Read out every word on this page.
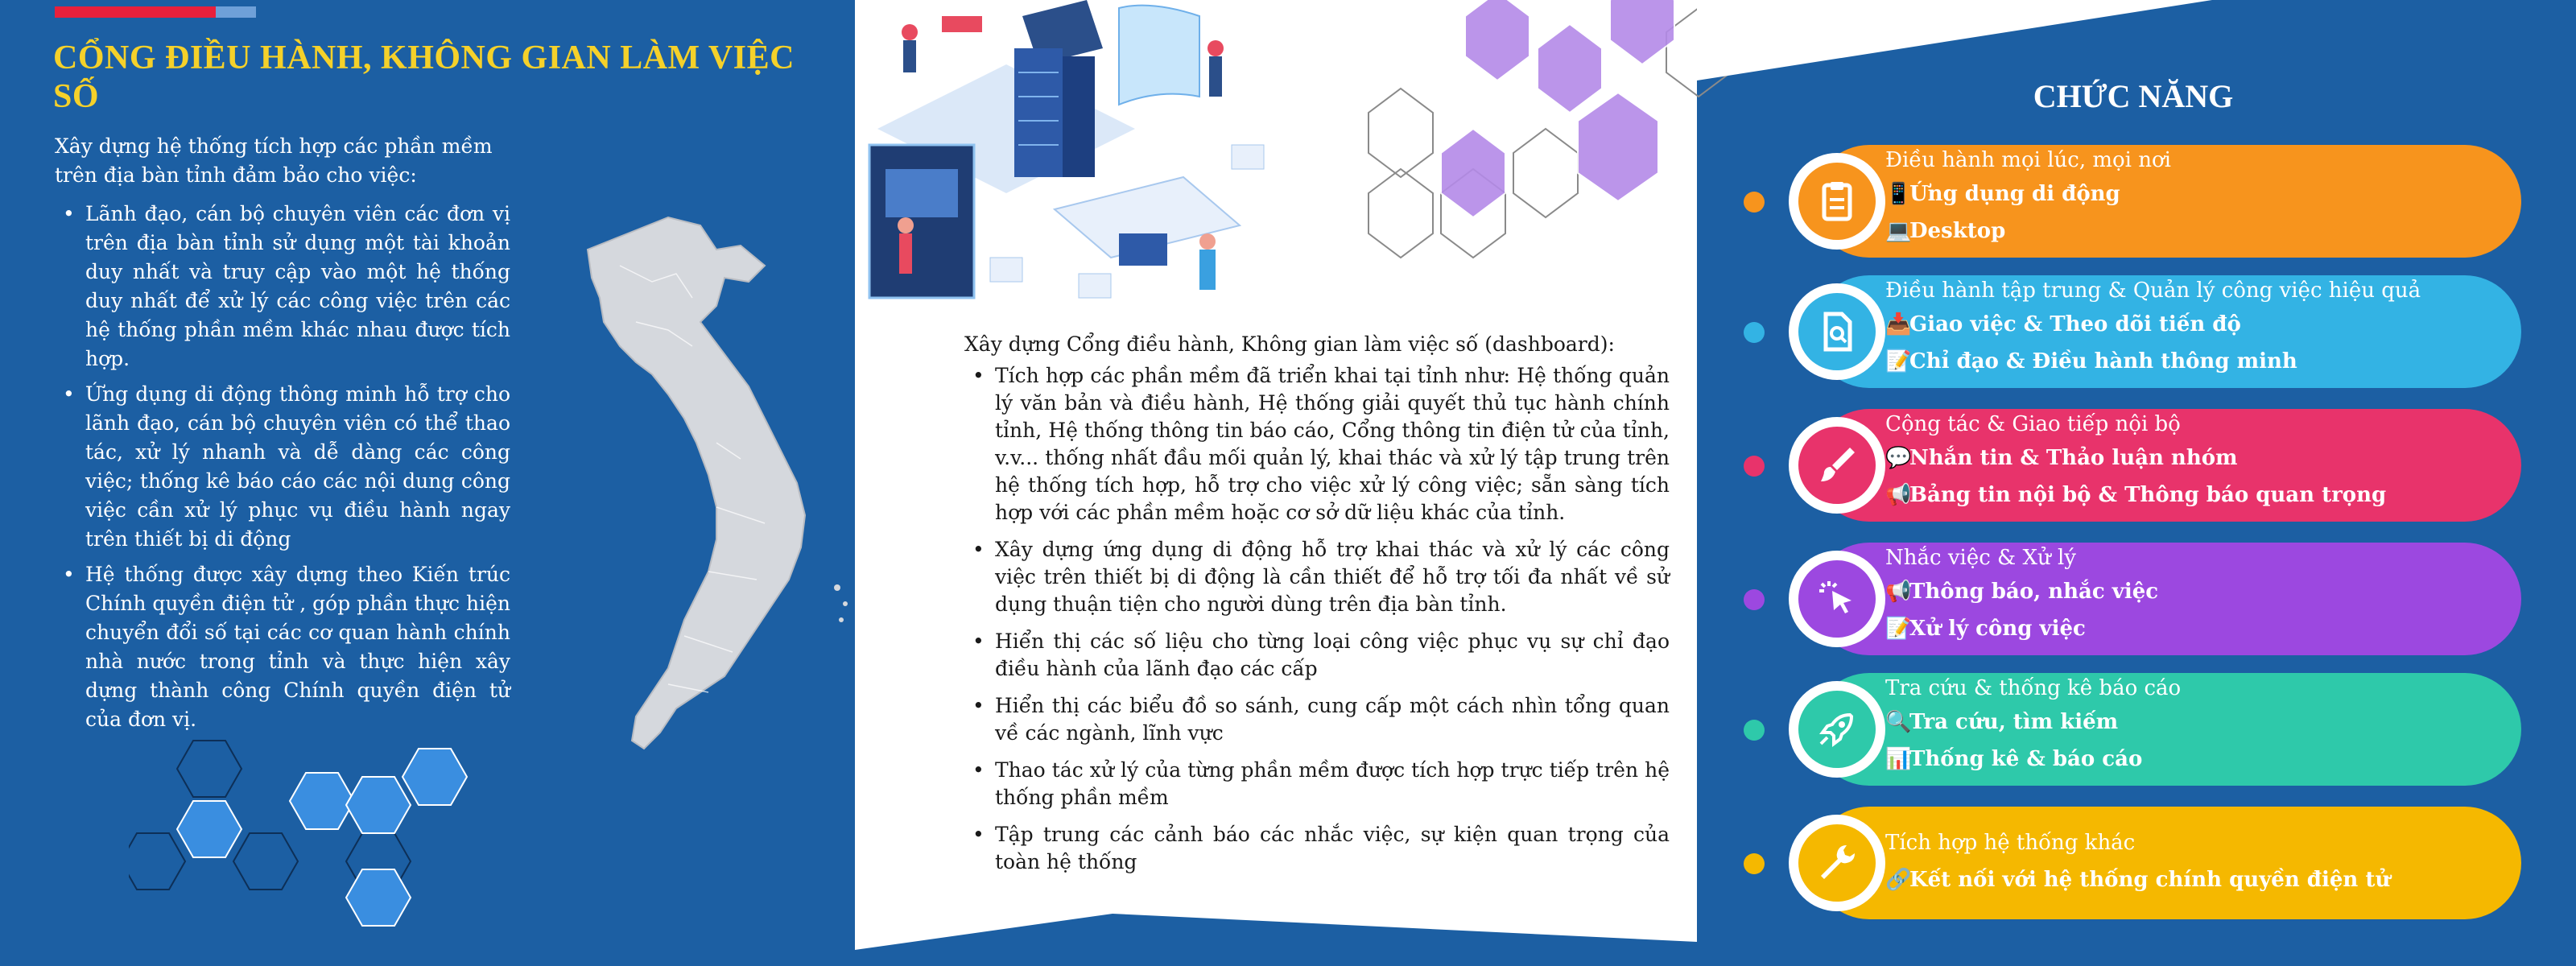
CỔNG ĐIỀU HÀNH, KHÔNG GIAN LÀM VIỆC SỐ
Xây dựng hệ thống tích hợp các phần mềm trên địa bàn tỉnh đảm bảo cho việc:
• Lãnh đạo, cán bộ chuyên viên các đơn vị trên địa bàn tỉnh sử dụng một tài khoản duy nhất và truy cập vào một hệ thống duy nhất để xử lý các công việc trên các hệ thống phần mềm khác nhau được tích hợp.
• Ứng dụng di động thông minh hỗ trợ cho lãnh đạo, cán bộ chuyên viên có thể thao tác, xử lý nhanh và dễ dàng các công việc; thống kê báo cáo các nội dung công việc cần xử lý phục vụ điều hành ngay trên thiết bị di động
• Hệ thống được xây dựng theo Kiến trúc Chính quyền điện tử , góp phần thực hiện chuyển đổi số tại các cơ quan hành chính nhà nước trong tỉnh và thực hiện xây dựng thành công Chính quyền điện tử của đơn vị.
Xây dựng Cổng điều hành, Không gian làm việc số (dashboard):
• Tích hợp các phần mềm đã triển khai tại tỉnh như: Hệ thống quản lý văn bản và điều hành, Hệ thống giải quyết thủ tục hành chính tỉnh, Hệ thống thông tin báo cáo, Cổng thông tin điện tử của tỉnh, v.v... thống nhất đầu mối quản lý, khai thác và xử lý tập trung trên hệ thống tích hợp, hỗ trợ cho việc xử lý công việc; sẵn sàng tích hợp với các phần mềm hoặc cơ sở dữ liệu khác của tỉnh.
• Xây dựng ứng dụng di động hỗ trợ khai thác và xử lý các công việc trên thiết bị di động là cần thiết để hỗ trợ tối đa nhất về sử dụng thuận tiện cho người dùng trên địa bàn tỉnh.
• Hiển thị các số liệu cho từng loại công việc phục vụ sự chỉ đạo điều hành của lãnh đạo các cấp
• Hiển thị các biểu đồ so sánh, cung cấp một cách nhìn tổng quan về các ngành, lĩnh vực
• Thao tác xử lý của từng phần mềm được tích hợp trực tiếp trên hệ thống phần mềm
• Tập trung các cảnh báo các nhắc việc, sự kiện quan trọng của toàn hệ thống
CHỨC NĂNG
Điều hành mọi lúc, mọi nơi
📱Ứng dụng di động
💻Desktop
Điều hành tập trung & Quản lý công việc hiệu quả
📥Giao việc & Theo dõi tiến độ
📝Chỉ đạo & Điều hành thông minh
Cộng tác & Giao tiếp nội bộ
💬Nhắn tin & Thảo luận nhóm
📢Bảng tin nội bộ & Thông báo quan trọng
Nhắc việc & Xử lý
📢Thông báo, nhắc việc
📝Xử lý công việc
Tra cứu & thống kê báo cáo
🔍Tra cứu, tìm kiếm
📊Thống kê & báo cáo
Tích hợp hệ thống khác
🔗Kết nối với hệ thống chính quyền điện tử
